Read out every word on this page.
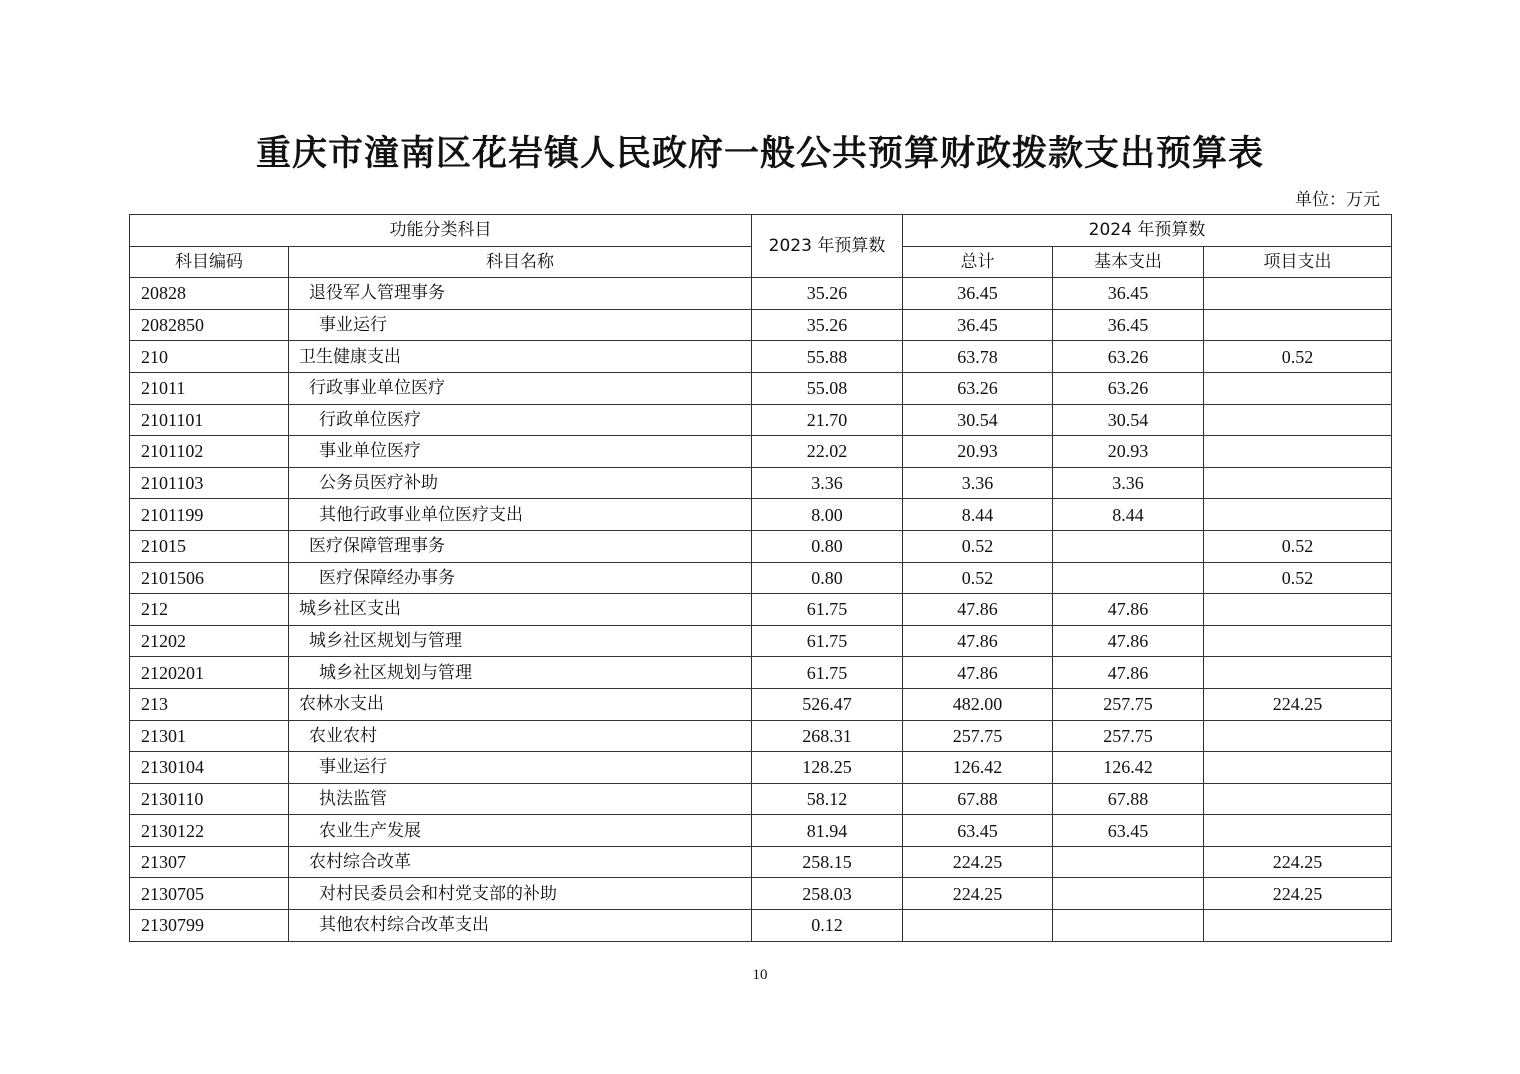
重庆市潼南区花岩镇人民政府一般公共预算财政拨款支出预算表
单位：万元
功能分类科目		2023 年预算数	2024 年预算数		
科目编码	科目名称		总计	基本支出	项目支出
20828	退役军人管理事务	35.26	36.45	36.45	
2082850	事业运行	35.26	36.45	36.45	
210	卫生健康支出	55.88	63.78	63.26	0.52
21011	行政事业单位医疗	55.08	63.26	63.26	
2101101	行政单位医疗	21.70	30.54	30.54	
2101102	事业单位医疗	22.02	20.93	20.93	
2101103	公务员医疗补助	3.36	3.36	3.36	
2101199	其他行政事业单位医疗支出	8.00	8.44	8.44	
21015	医疗保障管理事务	0.80	0.52		0.52
2101506	医疗保障经办事务	0.80	0.52		0.52
212	城乡社区支出	61.75	47.86	47.86	
21202	城乡社区规划与管理	61.75	47.86	47.86	
2120201	城乡社区规划与管理	61.75	47.86	47.86	
213	农林水支出	526.47	482.00	257.75	224.25
21301	农业农村	268.31	257.75	257.75	
2130104	事业运行	128.25	126.42	126.42	
2130110	执法监管	58.12	67.88	67.88	
2130122	农业生产发展	81.94	63.45	63.45	
21307	农村综合改革	258.15	224.25		224.25
2130705	对村民委员会和村党支部的补助	258.03	224.25		224.25
2130799	其他农村综合改革支出	0.12			
10
